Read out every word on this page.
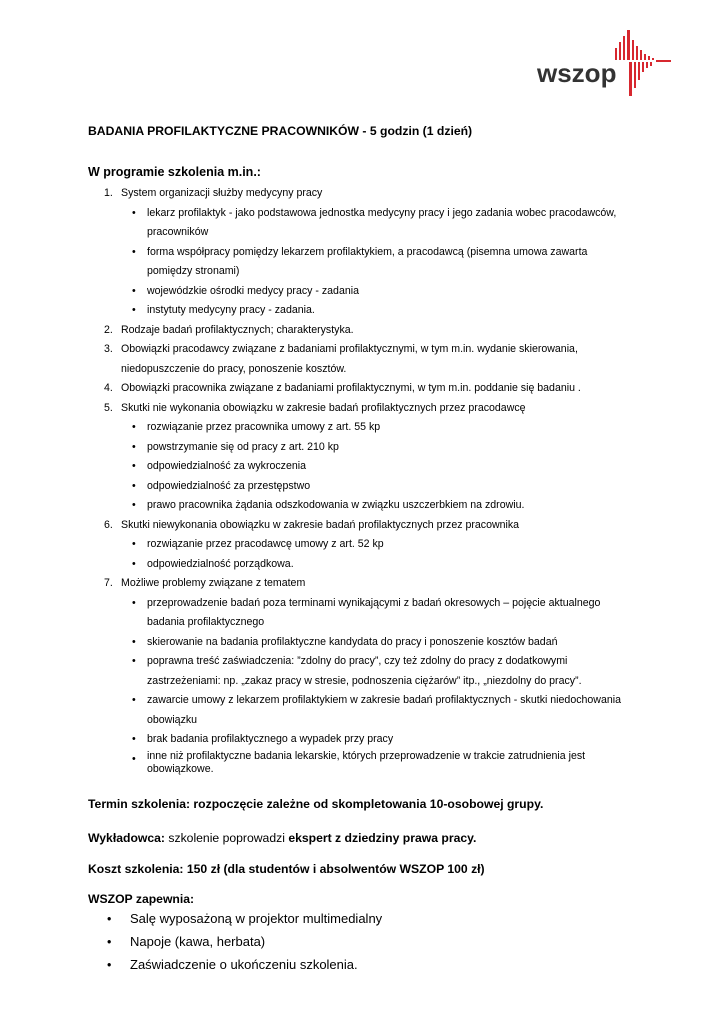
wszop
BADANIA PROFILAKTYCZNE PRACOWNIKÓW - 5 godzin (1 dzień)
W programie szkolenia m.in.:
1. System organizacji służby medycyny pracy
• lekarz profilaktyk - jako podstawowa jednostka medycyny pracy i jego zadania wobec pracodawców,
pracowników
• forma współpracy pomiędzy lekarzem profilaktykiem, a pracodawcą (pisemna umowa zawarta
pomiędzy stronami)
• wojewódzkie ośrodki medycy pracy - zadania
• instytuty medycyny pracy - zadania.
2. Rodzaje badań profilaktycznych; charakterystyka.
3. Obowiązki pracodawcy związane z badaniami profilaktycznymi, w tym m.in. wydanie skierowania,
niedopuszczenie do pracy, ponoszenie kosztów.
4. Obowiązki pracownika związane z badaniami profilaktycznymi, w tym m.in. poddanie się badaniu .
5. Skutki nie wykonania obowiązku w zakresie badań profilaktycznych przez pracodawcę
• rozwiązanie przez pracownika umowy z art. 55 kp
• powstrzymanie się od pracy z art. 210 kp
• odpowiedzialność za wykroczenia
• odpowiedzialność za przestępstwo
• prawo pracownika żądania odszkodowania w związku uszczerbkiem na zdrowiu.
6. Skutki niewykonania obowiązku w zakresie badań profilaktycznych przez pracownika
• rozwiązanie przez pracodawcę umowy z art. 52 kp
• odpowiedzialność porządkowa.
7. Możliwe problemy związane z tematem
• przeprowadzenie badań poza terminami wynikającymi z badań okresowych – pojęcie aktualnego
badania profilaktycznego
• skierowanie na badania profilaktyczne kandydata do pracy i ponoszenie kosztów badań
• poprawna treść zaświadczenia: ”zdolny do pracy”, czy też zdolny do pracy z dodatkowymi
zastrzeżeniami: np. „zakaz pracy w stresie, podnoszenia ciężarów” itp., „niezdolny do pracy”.
• zawarcie umowy z lekarzem profilaktykiem w zakresie badań profilaktycznych - skutki niedochowania
obowiązku
• brak badania profilaktycznego a wypadek przy pracy
• inne niż profilaktyczne badania lekarskie, których przeprowadzenie w trakcie zatrudnienia jest
obowiązkowe.
Termin szkolenia: rozpoczęcie zależne od skompletowania 10-osobowej grupy.
Wykładowca: szkolenie poprowadzi ekspert z dziedziny prawa pracy.
Koszt szkolenia: 150 zł (dla studentów i absolwentów WSZOP 100 zł)
WSZOP zapewnia:
• Salę wyposażoną w projektor multimedialny
• Napoje (kawa, herbata)
• Zaświadczenie o ukończeniu szkolenia.
